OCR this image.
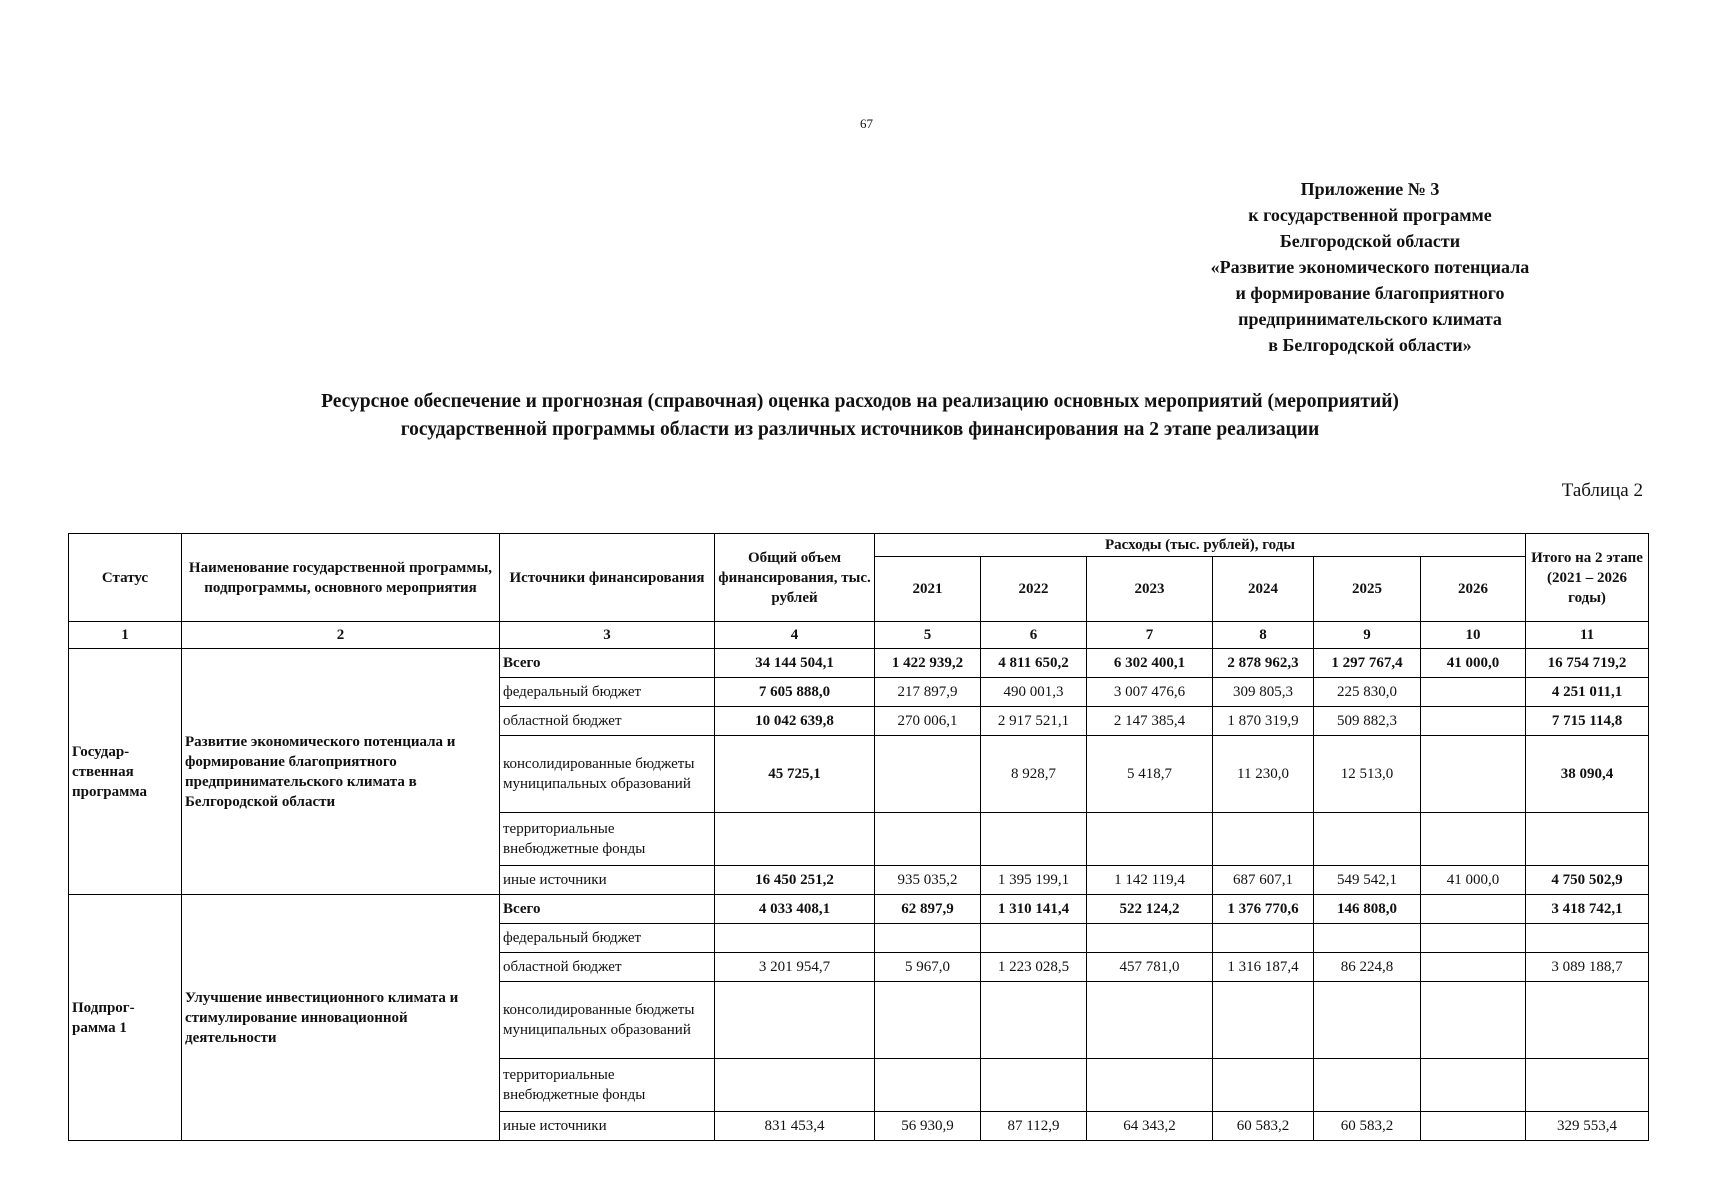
67
Приложение № 3
к государственной программе
Белгородской области
«Развитие экономического потенциала
и формирование благоприятного
предпринимательского климата
в Белгородской области»
Ресурсное обеспечение и прогнозная (справочная) оценка расходов на реализацию основных мероприятий (мероприятий)
государственной программы области из различных источников финансирования на 2 этапе реализации
Таблица 2
Статус	Наименование государственной программы, подпрограммы, основного мероприятия	Источники финансирования	Общий объем финансирования, тыс. рублей	Расходы (тыс. рублей), годы						Итого на 2 этапе (2021 – 2026 годы)
				2021	2022	2023	2024	2025	2026	
1	2	3	4	5	6	7	8	9	10	11
Государ-ственная программа	Развитие экономического потенциала и формирование благоприятного предпринимательского климата в Белгородской области	Всего	34 144 504,1	1 422 939,2	4 811 650,2	6 302 400,1	2 878 962,3	1 297 767,4	41 000,0	16 754 719,2
		федеральный бюджет	7 605 888,0	217 897,9	490 001,3	3 007 476,6	309 805,3	225 830,0		4 251 011,1
		областной бюджет	10 042 639,8	270 006,1	2 917 521,1	2 147 385,4	1 870 319,9	509 882,3		7 715 114,8
		консолидированные бюджеты муниципальных образований	45 725,1		8 928,7	5 418,7	11 230,0	12 513,0		38 090,4
		территориальные внебюджетные фонды								
		иные источники	16 450 251,2	935 035,2	1 395 199,1	1 142 119,4	687 607,1	549 542,1	41 000,0	4 750 502,9
Подпрог-рамма 1	Улучшение инвестиционного климата и стимулирование инновационной деятельности	Всего	4 033 408,1	62 897,9	1 310 141,4	522 124,2	1 376 770,6	146 808,0		3 418 742,1
		федеральный бюджет								
		областной бюджет	3 201 954,7	5 967,0	1 223 028,5	457 781,0	1 316 187,4	86 224,8		3 089 188,7
		консолидированные бюджеты муниципальных образований								
		территориальные внебюджетные фонды								
		иные источники	831 453,4	56 930,9	87 112,9	64 343,2	60 583,2	60 583,2		329 553,4
